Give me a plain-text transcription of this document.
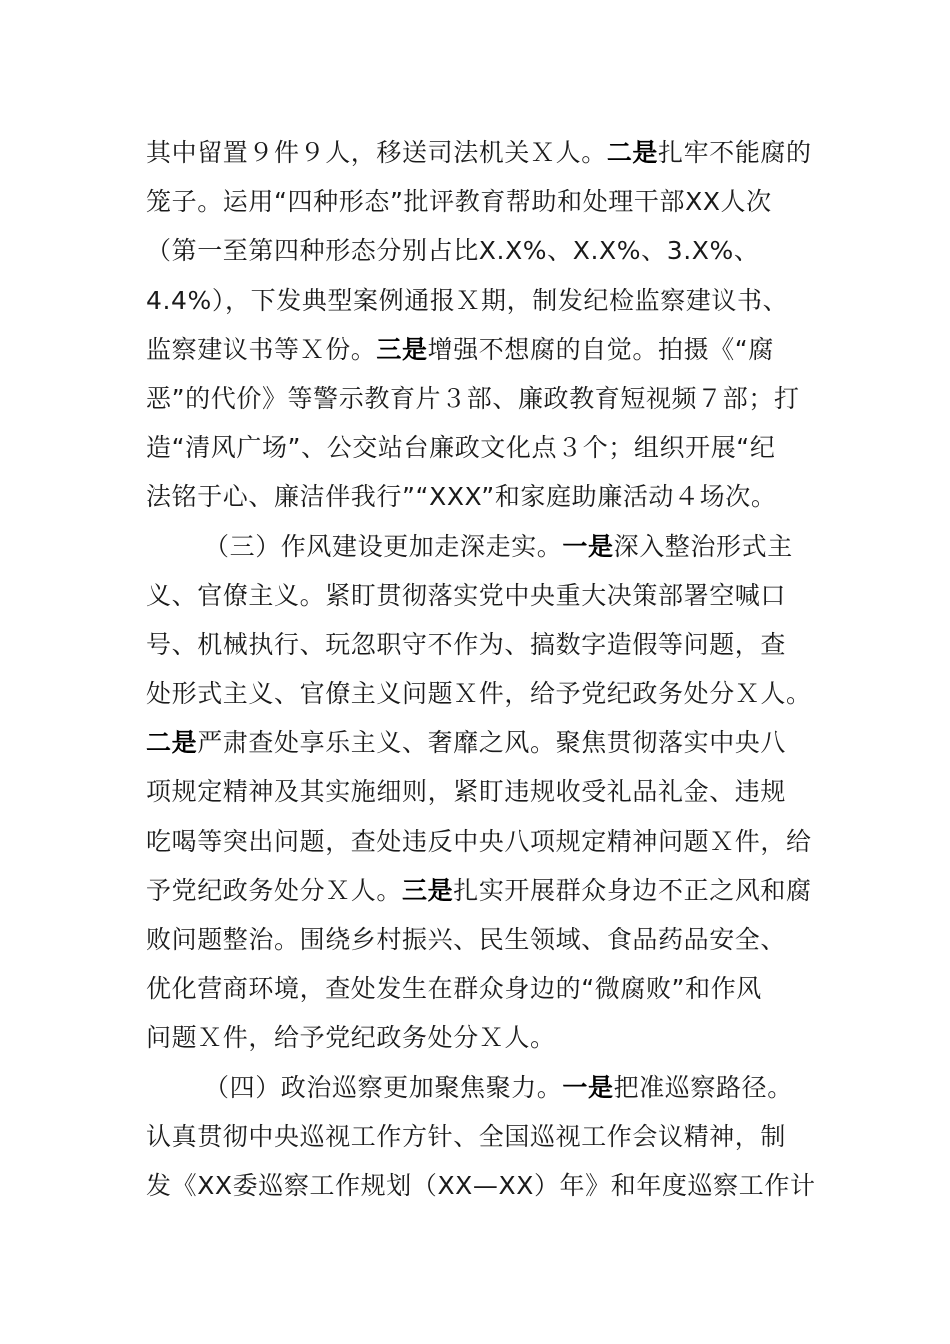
其中留置９件９人，移送司法机关Ｘ人。二是扎牢不能腐的
笼子。运用“四种形态”批评教育帮助和处理干部XX人次
（第一至第四种形态分别占比X.X%、X.X%、3.X%、
4.4%），下发典型案例通报Ｘ期，制发纪检监察建议书、
监察建议书等Ｘ份。三是增强不想腐的自觉。拍摄《“腐
恶”的代价》等警示教育片３部、廉政教育短视频７部；打
造“清风广场”、公交站台廉政文化点３个；组织开展“纪
法铭于心、廉洁伴我行”“XXX”和家庭助廉活动４场次。
（三）作风建设更加走深走实。一是深入整治形式主
义、官僚主义。紧盯贯彻落实党中央重大决策部署空喊口
号、机械执行、玩忽职守不作为、搞数字造假等问题，查
处形式主义、官僚主义问题Ｘ件，给予党纪政务处分Ｘ人。
二是严肃查处享乐主义、奢靡之风。聚焦贯彻落实中央八
项规定精神及其实施细则，紧盯违规收受礼品礼金、违规
吃喝等突出问题，查处违反中央八项规定精神问题Ｘ件，给
予党纪政务处分Ｘ人。三是扎实开展群众身边不正之风和腐
败问题整治。围绕乡村振兴、民生领域、食品药品安全、
优化营商环境，查处发生在群众身边的“微腐败”和作风
问题Ｘ件，给予党纪政务处分Ｘ人。
（四）政治巡察更加聚焦聚力。一是把准巡察路径。
认真贯彻中央巡视工作方针、全国巡视工作会议精神，制
发《XX委巡察工作规划（XX—XX）年》和年度巡察工作计
